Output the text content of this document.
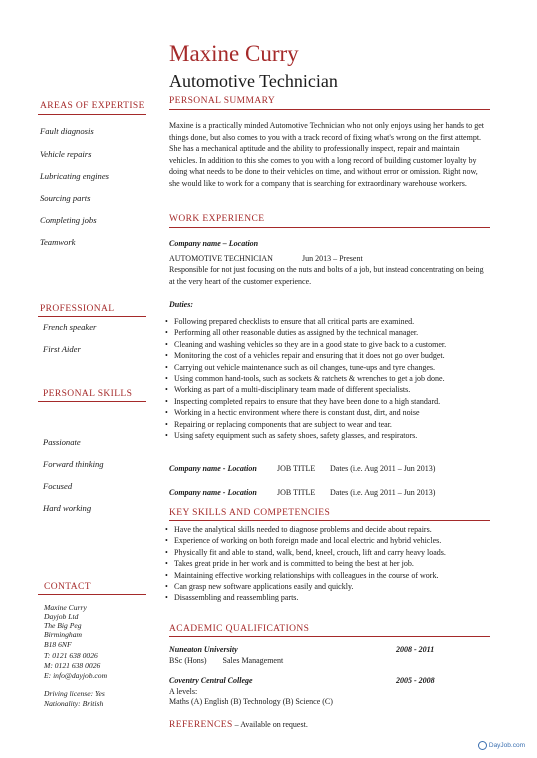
Maxine Curry
Automotive Technician
AREAS OF EXPERTISE
Fault diagnosis
Vehicle repairs
Lubricating engines
Sourcing parts
Completing jobs
Teamwork
PROFESSIONAL
French speaker
First Aider
PERSONAL SKILLS
Passionate
Forward thinking
Focused
Hard working
CONTACT
Maxine Curry
Dayjob Ltd
The Big Peg
Birmingham
B18 6NF
T: 0121 638 0026
M: 0121 638 0026
E: info@dayjob.com
Driving license: Yes
Nationality: British
PERSONAL SUMMARY
Maxine is a practically minded Automotive Technician who not only enjoys using her hands to get things done, but also comes to you with a track record of fixing what's wrong on the first attempt. She has a mechanical aptitude and the ability to professionally inspect, repair and maintain vehicles. In addition to this she comes to you with a long record of building customer loyalty by doing what needs to be done to their vehicles on time, and without error or omission. Right now, she would like to work for a company that is searching for extraordinary warehouse workers.
WORK EXPERIENCE
Company name – Location
AUTOMOTIVE TECHNICIAN	Jun 2013 – Present
Responsible for not just focusing on the nuts and bolts of a job, but instead concentrating on being at the very heart of the customer experience.
Duties:
• Following prepared checklists to ensure that all critical parts are examined.
• Performing all other reasonable duties as assigned by the technical manager.
• Cleaning and washing vehicles so they are in a good state to give back to a customer.
• Monitoring the cost of a vehicles repair and ensuring that it does not go over budget.
• Carrying out vehicle maintenance such as oil changes, tune-ups and tyre changes.
• Using common hand-tools, such as sockets & ratchets & wrenches to get a job done.
• Working as part of a multi-disciplinary team made of different specialists.
• Inspecting completed repairs to ensure that they have been done to a high standard.
• Working in a hectic environment where there is constant dust, dirt, and noise
• Repairing or replacing components that are subject to wear and tear.
• Using safety equipment such as safety shoes, safety glasses, and respirators.
Company name - Location	JOB TITLE Dates (i.e. Aug 2011 – Jun 2013)
Company name - Location	JOB TITLE Dates (i.e. Aug 2011 – Jun 2013)
KEY SKILLS AND COMPETENCIES
• Have the analytical skills needed to diagnose problems and decide about repairs.
• Experience of working on both foreign made and local electric and hybrid vehicles.
• Physically fit and able to stand, walk, bend, kneel, crouch, lift and carry heavy loads.
• Takes great pride in her work and is committed to being the best at her job.
• Maintaining effective working relationships with colleagues in the course of work.
• Can grasp new software applications easily and quickly.
• Disassembling and reassembling parts.
ACADEMIC QUALIFICATIONS
Nuneaton University	2008 - 2011
BSc (Hons)        Sales Management
Coventry Central College	2005 - 2008
A levels:
Maths (A) English (B) Technology (B) Science (C)
REFERENCES – Available on request.
DayJob.com
